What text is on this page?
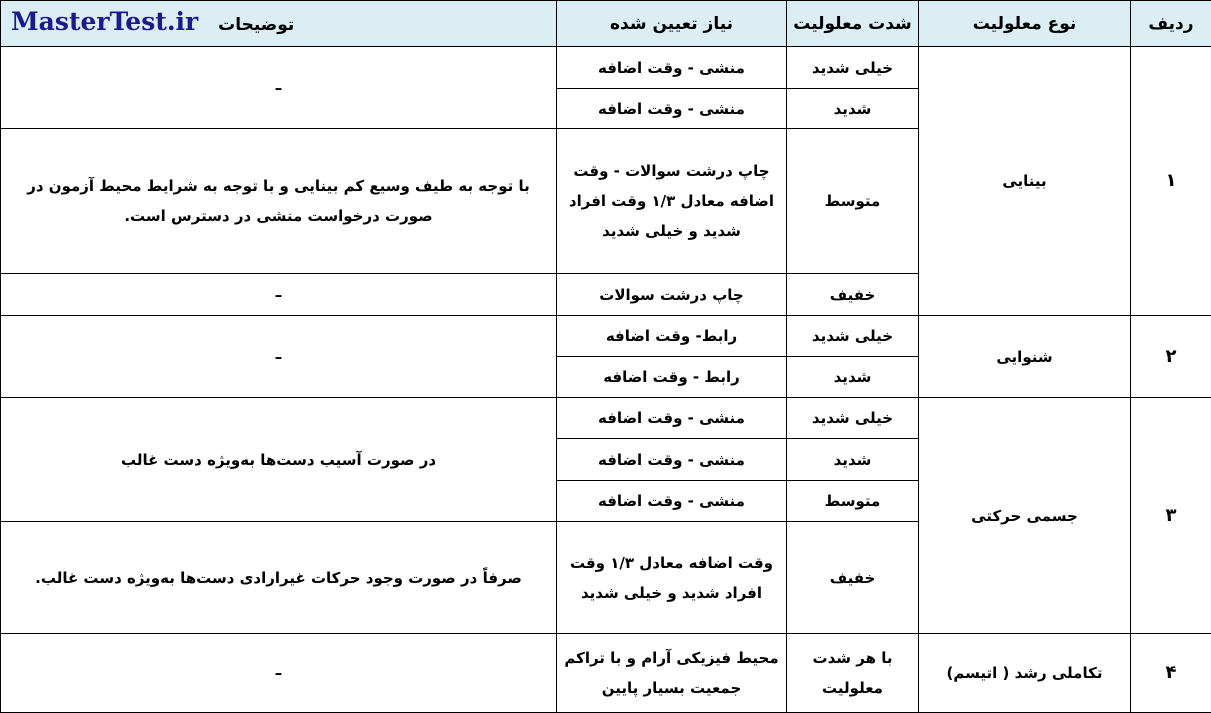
ردیف	نوع معلولیت	شدت معلولیت	نیاز تعیین شده	توضیحات MasterTest.ir
۱	بینایی	خیلی شدید	منشی - وقت اضافه	–
		شدید	منشی - وقت اضافه	
		متوسط	چاپ درشت سوالات - وقت اضافه معادل ۱/۳ وقت افراد شدید و خیلی شدید	با توجه به طیف وسیع کم بینایی و با توجه به شرایط محیط آزمون در صورت درخواست منشی در دسترس است.
		خفیف	چاپ درشت سوالات	–
۲	شنوایی	خیلی شدید	رابط- وقت اضافه	–
		شدید	رابط - وقت اضافه	
۳	جسمی حرکتی	خیلی شدید	منشی - وقت اضافه	در صورت آسیب دست‌ها به‌ویژه دست غالب
		شدید	منشی - وقت اضافه	
		متوسط	منشی - وقت اضافه	
		خفیف	وقت اضافه معادل ۱/۳ وقت افراد شدید و خیلی شدید	صرفاً در صورت وجود حرکات غیرارادی دست‌ها به‌ویژه دست غالب.
۴	تکاملی رشد ( اتیسم)	با هر شدت معلولیت	محیط فیزیکی آرام و با تراکم جمعیت بسیار پایین	–
